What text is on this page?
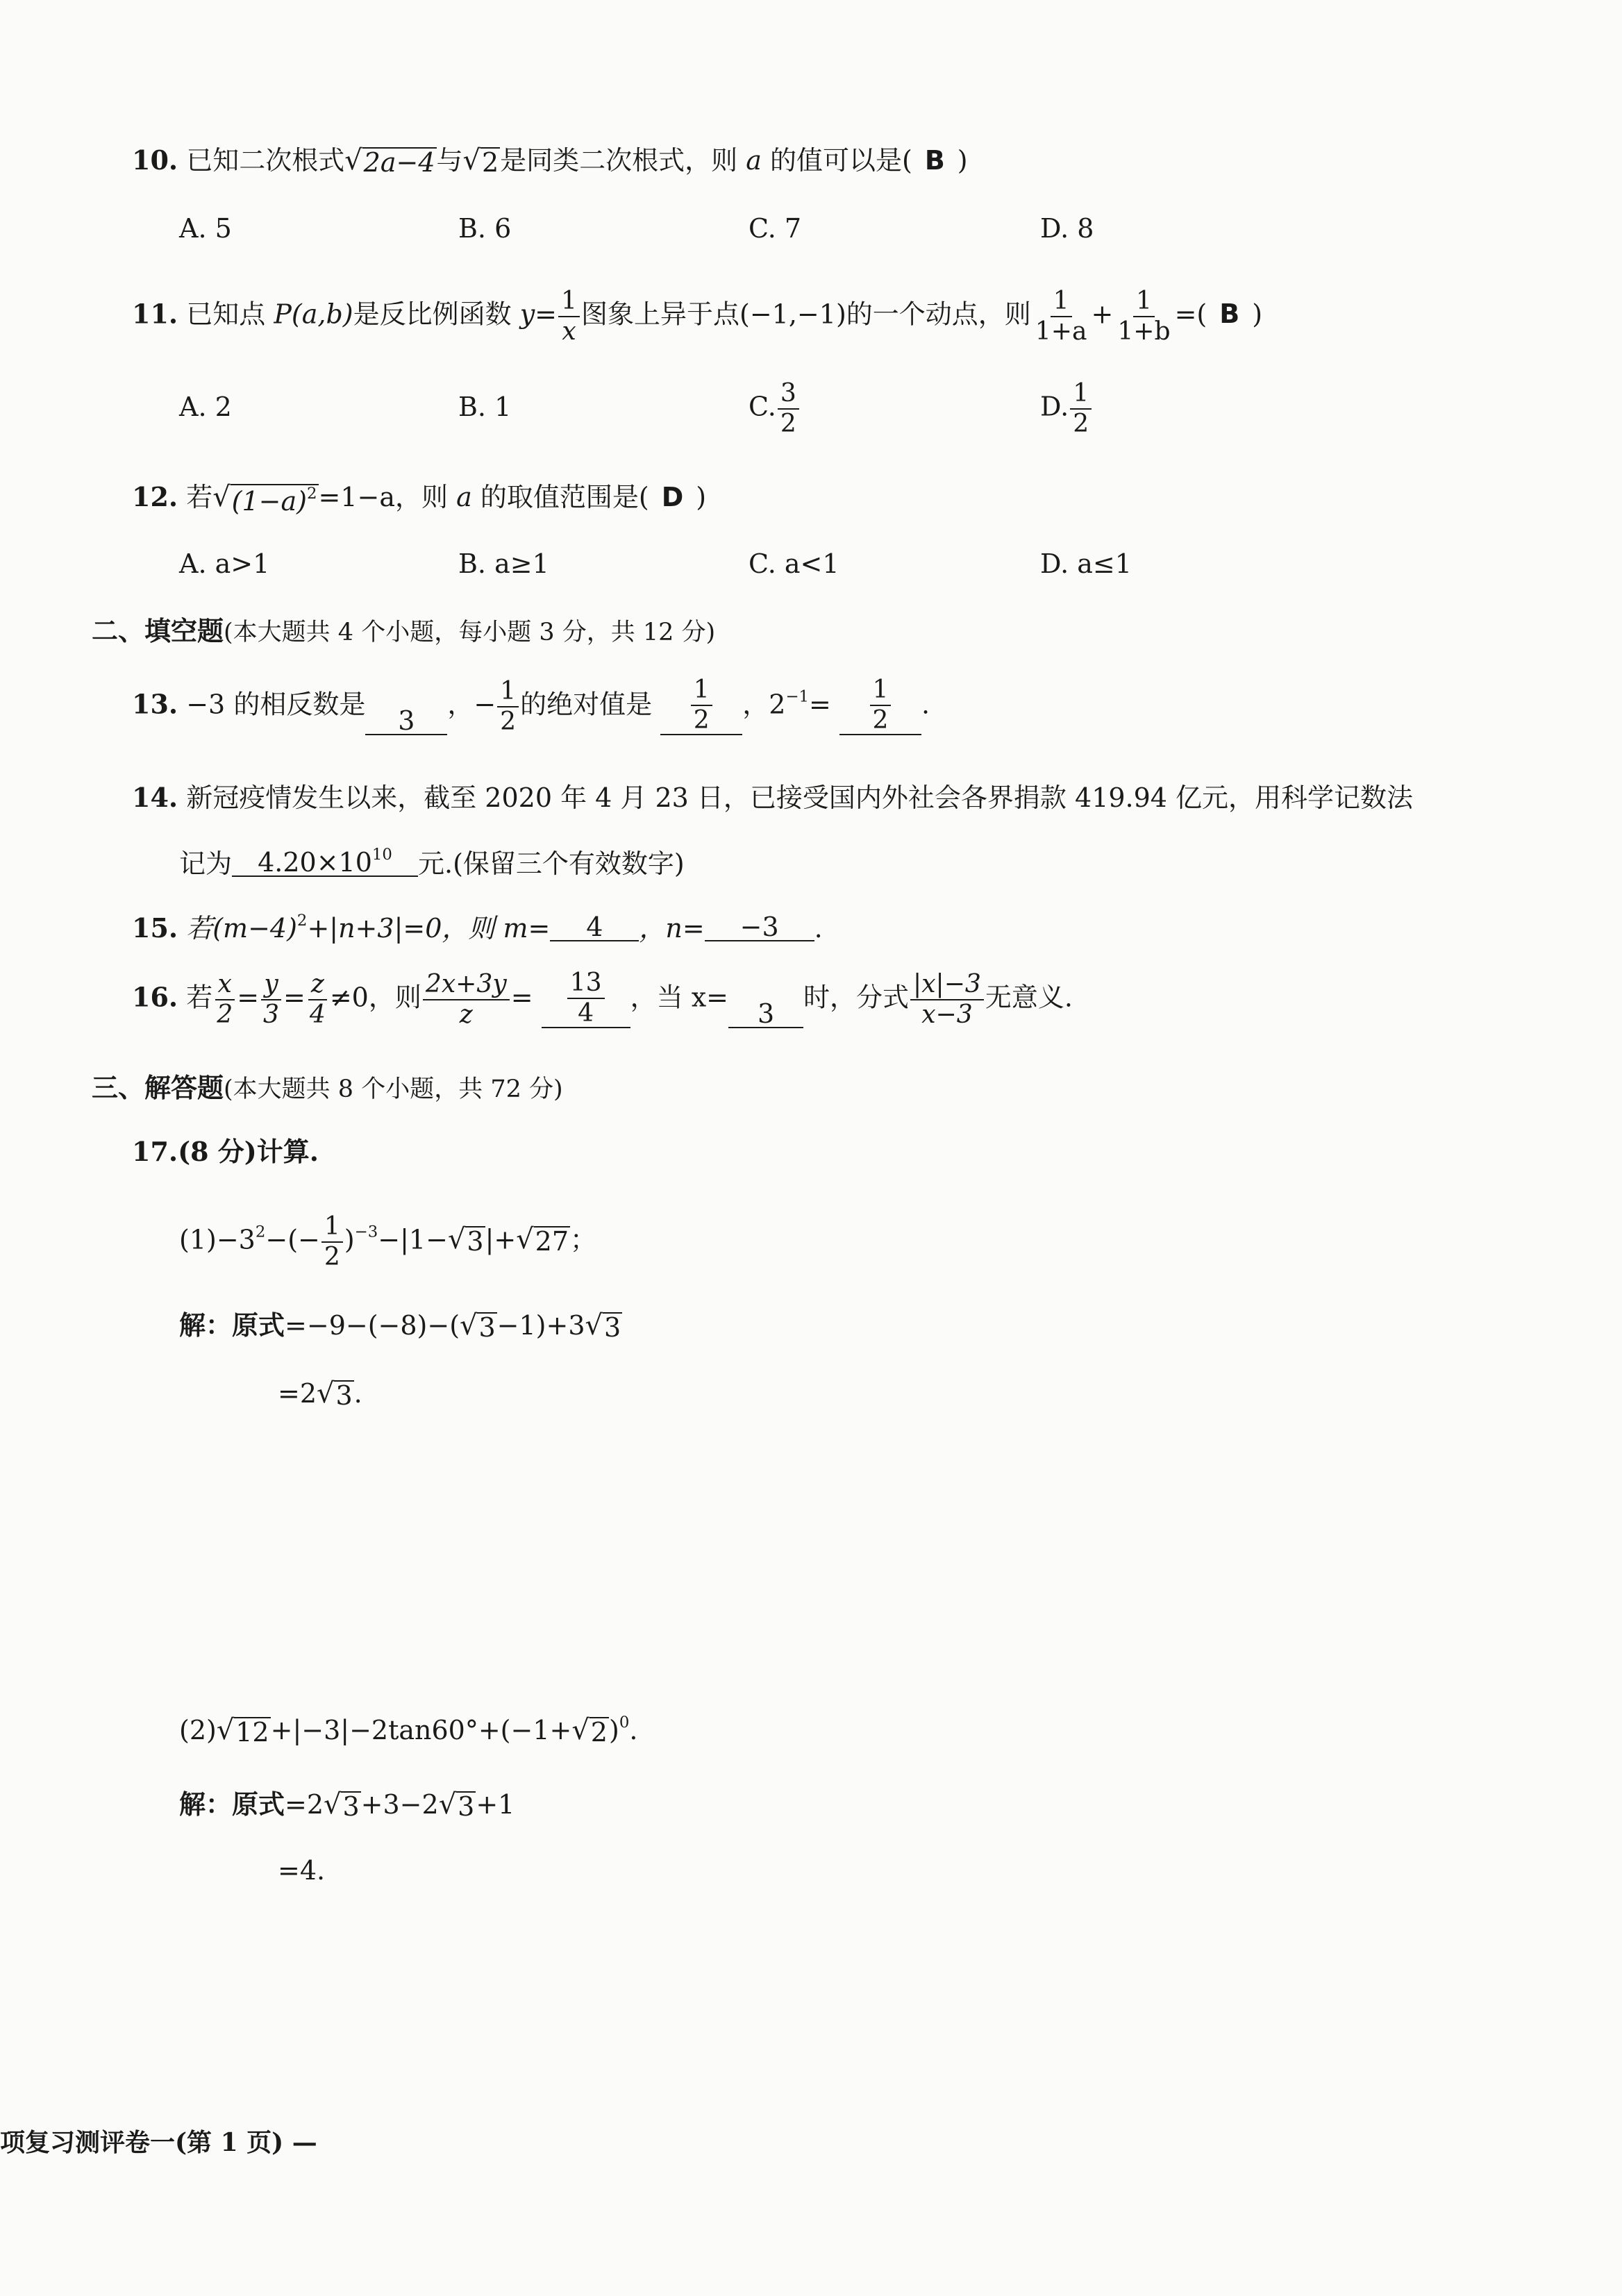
10. 已知二次根式 √ 2a−4 与 √ 2 是同类二次根式，则 a 的值可以是( B )
A. 5	B. 6	C. 7	D. 8
11. 已知点 P(a,b)是反比例函数 $y= \frac{1}{x}$ 图象上异于点(−1,−1)的一个动点，则 $\frac{1}{1+a} + \frac{1}{1+b}$ =( B )
A. 2	B. 1	C. $\frac{3}{2}$	D. $\frac{1}{2}$
12. 若 √ $(1-a)^2 =1-a$，则 a 的取值范围是( D )
A. a>1	B. a≥1	C. a<1	D. a≤1
二、填空题(本大题共 4 个小题，每小题 3 分，共 12 分)
13. −3 的相反数是3，− $\frac{1}{2}$ 的绝对值是 $\frac{1}{2}$ ，$2^{-1}= \frac{1}{2}$ .
14. 新冠疫情发生以来，截至 2020 年 4 月 23 日，已接受国内外社会各界捐款 419.94 亿元，用科学记数法
记为 $4.20\times 10^{10}$ 元.(保留三个有效数字)
15. 若$(m-4)^2+|n+3|=0$，则 m= 4 ，n= −3 .
16. 若 $\frac{x}{2} = \frac{y}{3} = \frac{z}{4} \ne 0$，则 $\frac{2x+3y}{z} = \frac{13}{4}$ ，当 x=3时，分式 $\frac{|x|-3}{x-3}$ 无意义.
三、解答题(本大题共 8 个小题，共 72 分)
17.(8 分)计算.
$(1)-3^2-(- \frac{1}{2} )^{-3}-|1-$ √ 3 |+ √ 27 ；
解：原式=−9−(−8)−( √ 3 −1)+3 √ 3
=2 √ 3 .
(2) √ 12 +|−3|−2tan60°+(−1+ √ 2 )$^0$.
解：原式=2 √ 3 +3−2 √ 3 +1
=4.
项复习测评卷一(第 1 页) —
